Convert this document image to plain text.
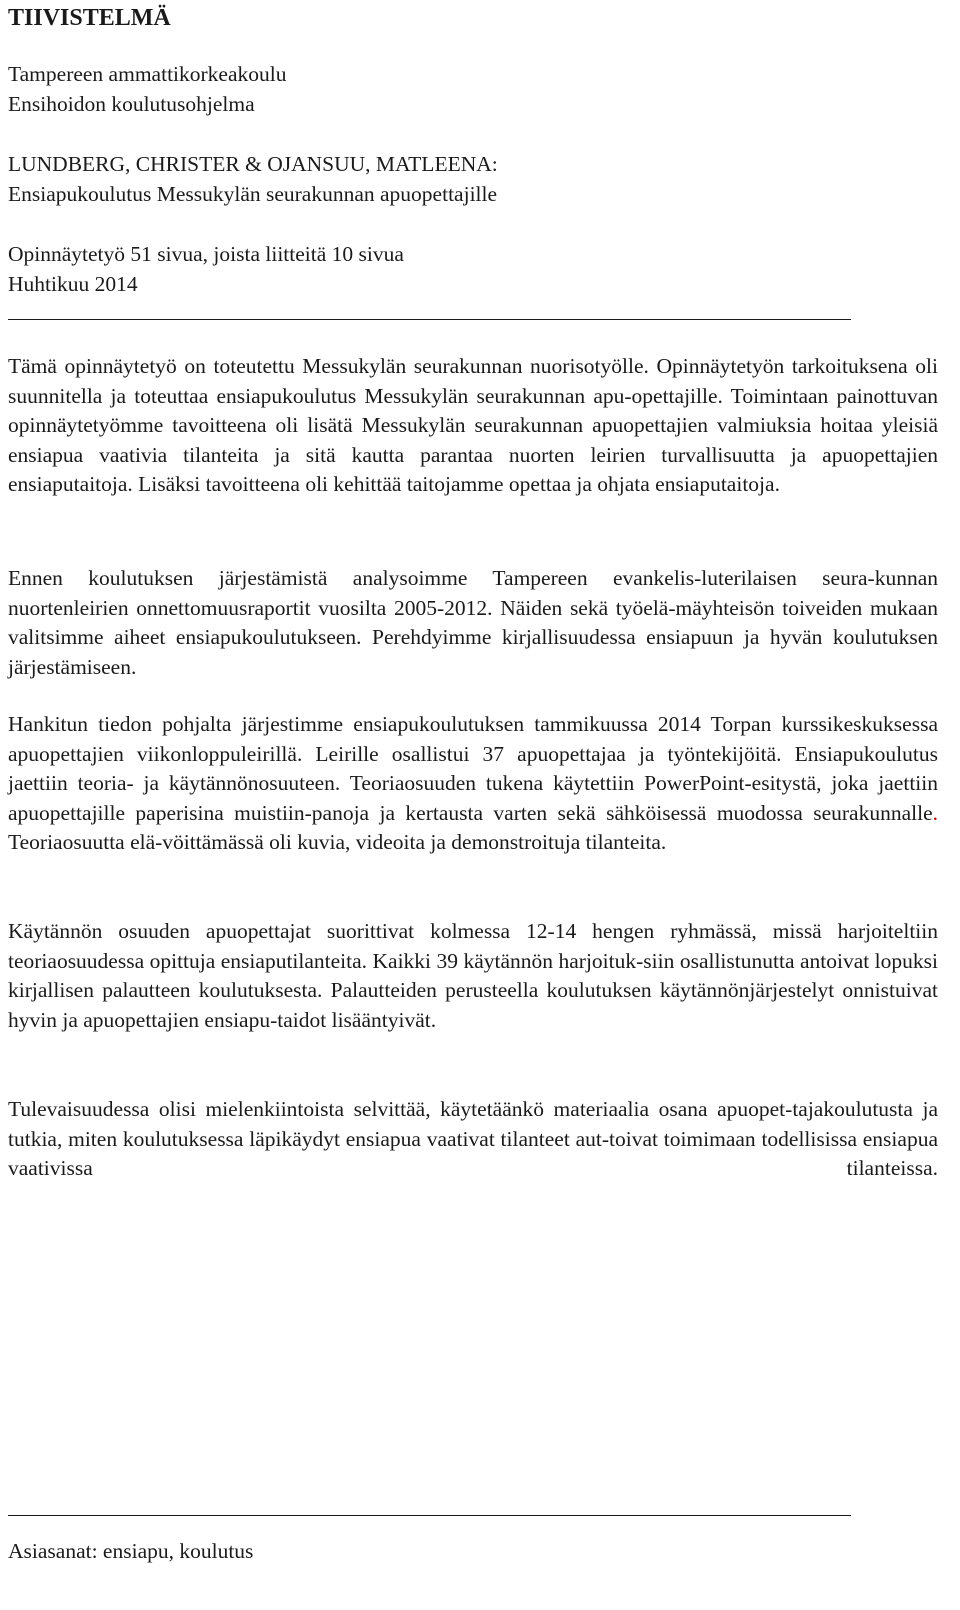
TIIVISTELMÄ
Tampereen ammattikorkeakoulu
Ensihoidon koulutusohjelma
LUNDBERG, CHRISTER & OJANSUU, MATLEENA:
Ensiapukoulutus Messukylän seurakunnan apuopettajille
Opinnäytetyö 51 sivua, joista liitteitä 10 sivua
Huhtikuu 2014

Tämä opinnäytetyö on toteutettu Messukylän seurakunnan nuorisotyölle. Opinnäytetyön tarkoituksena oli suunnitella ja toteuttaa ensiapukoulutus Messukylän seurakunnan apu-opettajille. Toimintaan painottuvan opinnäytetyömme tavoitteena oli lisätä Messukylän seurakunnan apuopettajien valmiuksia hoitaa yleisiä ensiapua vaativia tilanteita ja sitä kautta parantaa nuorten leirien turvallisuutta ja apuopettajien ensiaputaitoja. Lisäksi tavoitteena oli kehittää taitojamme opettaa ja ohjata ensiaputaitoja.

Ennen koulutuksen järjestämistä analysoimme Tampereen evankelis-luterilaisen seura-kunnan nuortenleirien onnettomuusraportit vuosilta 2005-2012. Näiden sekä työelä-mäyhteisön toiveiden mukaan valitsimme aiheet ensiapukoulutukseen. Perehdyimme kirjallisuudessa ensiapuun ja hyvän koulutuksen järjestämiseen.

Hankitun tiedon pohjalta järjestimme ensiapukoulutuksen tammikuussa 2014 Torpan kurssikeskuksessa apuopettajien viikonloppuleirillä. Leirille osallistui 37 apuopettajaa ja työntekijöitä. Ensiapukoulutus jaettiin teoria- ja käytännönosuuteen. Teoriaosuuden tukena käytettiin PowerPoint-esitystä, joka jaettiin apuopettajille paperisina muistiin-panoja ja kertausta varten sekä sähköisessä muodossa seurakunnalle. Teoriaosuutta elä-vöittämässä oli kuvia, videoita ja demonstroituja tilanteita.

Käytännön osuuden apuopettajat suorittivat kolmessa 12-14 hengen ryhmässä, missä harjoiteltiin teoriaosuudessa opittuja ensiaputilanteita. Kaikki 39 käytännön harjoituk-siin osallistunutta antoivat lopuksi kirjallisen palautteen koulutuksesta. Palautteiden perusteella koulutuksen käytännönjärjestelyt onnistuivat hyvin ja apuopettajien ensiapu-taidot lisääntyivät.

Tulevaisuudessa olisi mielenkiintoista selvittää, käytetäänkö materiaalia osana apuopet-tajakoulutusta ja tutkia, miten koulutuksessa läpikäydyt ensiapua vaativat tilanteet aut-toivat toimimaan todellisissa ensiapua vaativissa tilanteissa.

Asiasanat: ensiapu, koulutus
